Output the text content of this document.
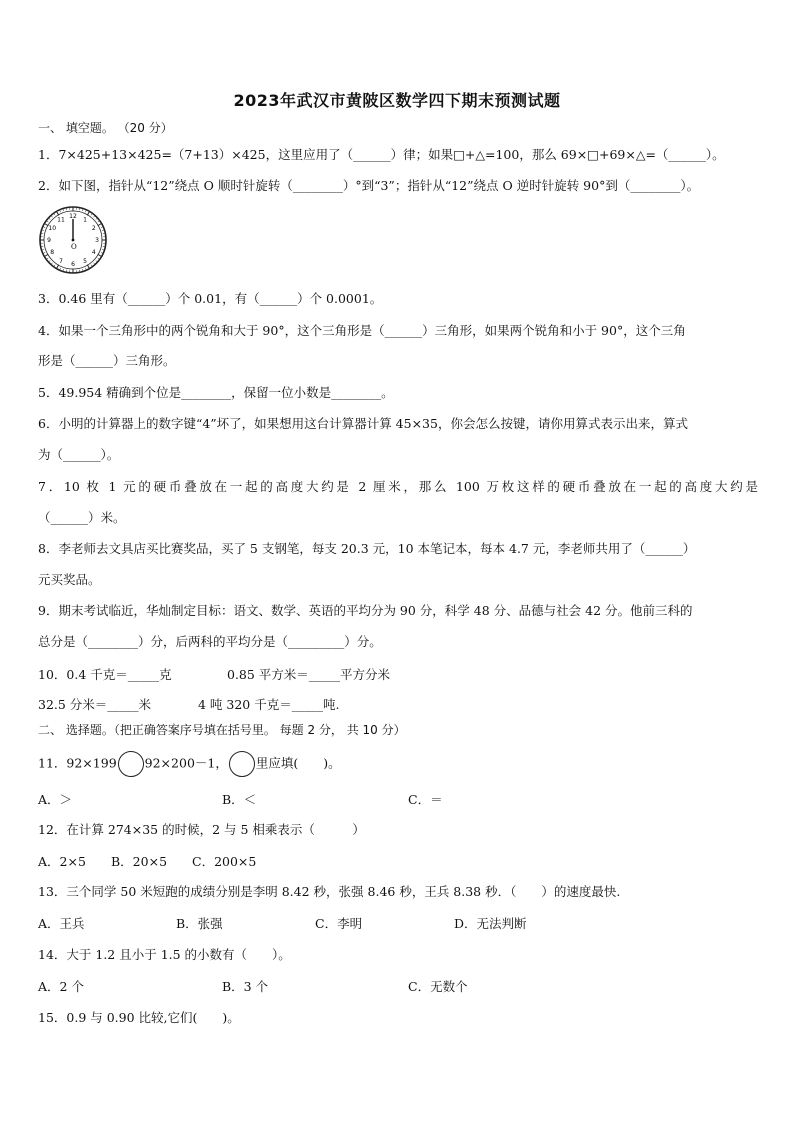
2023年武汉市黄陂区数学四下期末预测试题
一、 填空题。 （20 分）
1．7×425+13×425=（7+13）×425，这里应用了（______）律；如果□+△=100，那么 69×□+69×△=（______）。
2．如下图，指针从“12”绕点 O 顺时针旋转（________）°到“3”；指针从“12”绕点 O 逆时针旋转 90°到（________）。
12 1
2
3
4
5
6
7
8
9
10
11
O
3．0.46 里有（______）个 0.01，有（______）个 0.0001。
4．如果一个三角形中的两个锐角和大于 90°，这个三角形是（______）三角形，如果两个锐角和小于 90°，这个三角
形是（______）三角形。
5．49.954 精确到个位是________，保留一位小数是________。
6．小明的计算器上的数字键“4”坏了，如果想用这台计算器计算 45×35，你会怎么按键，请你用算式表示出来，算式
为（______）。
7．10 枚 1 元的硬币叠放在一起的高度大约是 2 厘米，那么 100 万枚这样的硬币叠放在一起的高度大约是
（______）米。
8．李老师去文具店买比赛奖品，买了 5 支钢笔，每支 20.3 元，10 本笔记本，每本 4.7 元，李老师共用了（______）
元买奖品。
9．期末考试临近，华灿制定目标：语文、数学、英语的平均分为 90 分，科学 48 分、品德与社会 42 分。他前三科的
总分是（________）分，后两科的平均分是（_________）分。
10．0.4 千克＝_____克	0.85 平方米＝_____平方分米
32.5 分米＝_____米	4 吨 320 千克＝_____吨.
二、 选择题。（把正确答案序号填在括号里。 每题 2 分， 共 10 分）
11．92×199 92×200－1， 里应填(　　)。
A．＞	B．＜	C．＝
12．在计算 274×35 的时候，2 与 5 相乘表示（　　　）
A．2×5 B．20×5 C．200×5
13．三个同学 50 米短跑的成绩分别是李明 8.42 秒，张强 8.46 秒，王兵 8.38 秒．（　　）的速度最快.
A．王兵	B．张强	C．李明	D．无法判断
14．大于 1.2 且小于 1.5 的小数有（　　）。
A．2 个	B．3 个	C．无数个
15．0.9 与 0.90 比较,它们(　　)。
